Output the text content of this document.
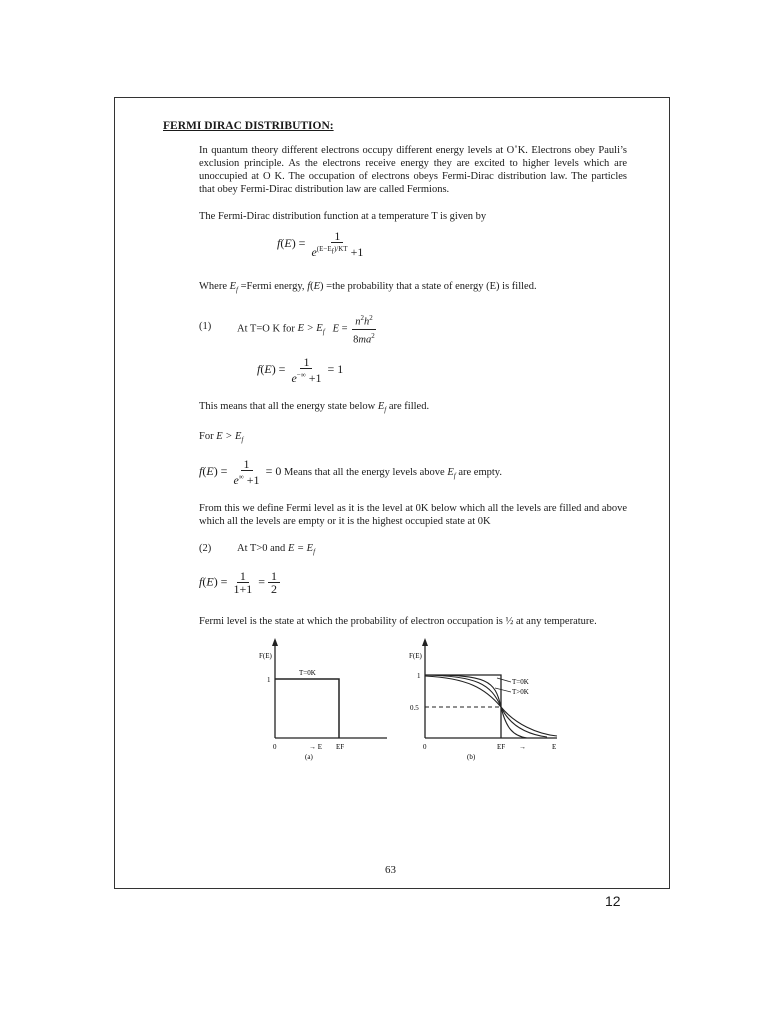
FERMI DIRAC DISTRIBUTION:
In quantum theory different electrons occupy different energy levels at O˚K. Electrons obey Pauli’s exclusion principle. As the electrons receive energy they are excited to higher levels which are unoccupied at O K. The occupation of electrons obeys Fermi-Dirac distribution law. The particles that obey Fermi-Dirac distribution law are called Fermions.
The Fermi-Dirac distribution function at a temperature T is given by
$f(E) = \frac{1}{e^{(E-E_f)/KT} +1}$
Where $E_f$ =Fermi energy, f(E) =the probability that a state of energy (E) is filled.
(1) At T=O K for $E > E_f$ $E = \frac{n^2h^2}{8ma^2}$
$f(E) = \frac{1}{e^{-\infty} +1} = 1$
This means that all the energy state below $E_f$ are filled.
For $E > E_f$
$f(E) = \frac{1}{e^\infty +1} = 0$ Means that all the energy levels above $E_f$ are empty.
From this we define Fermi level as it is the level at 0K below which all the levels are filled and above which all the levels are empty or it is the highest occupied state at 0K
(2) At T>0 and $E = E_f$
$f(E) = \frac{1}{1+1} = \frac{1}{2}$
Fermi level is the state at which the probability of electron occupation is ½ at any temperature.
F(E)
T=0K
1
0	→ E EF
(a)
F(E)
T=0K
T>0K
1
0.5
0	EF →	E
(b)
63
12
